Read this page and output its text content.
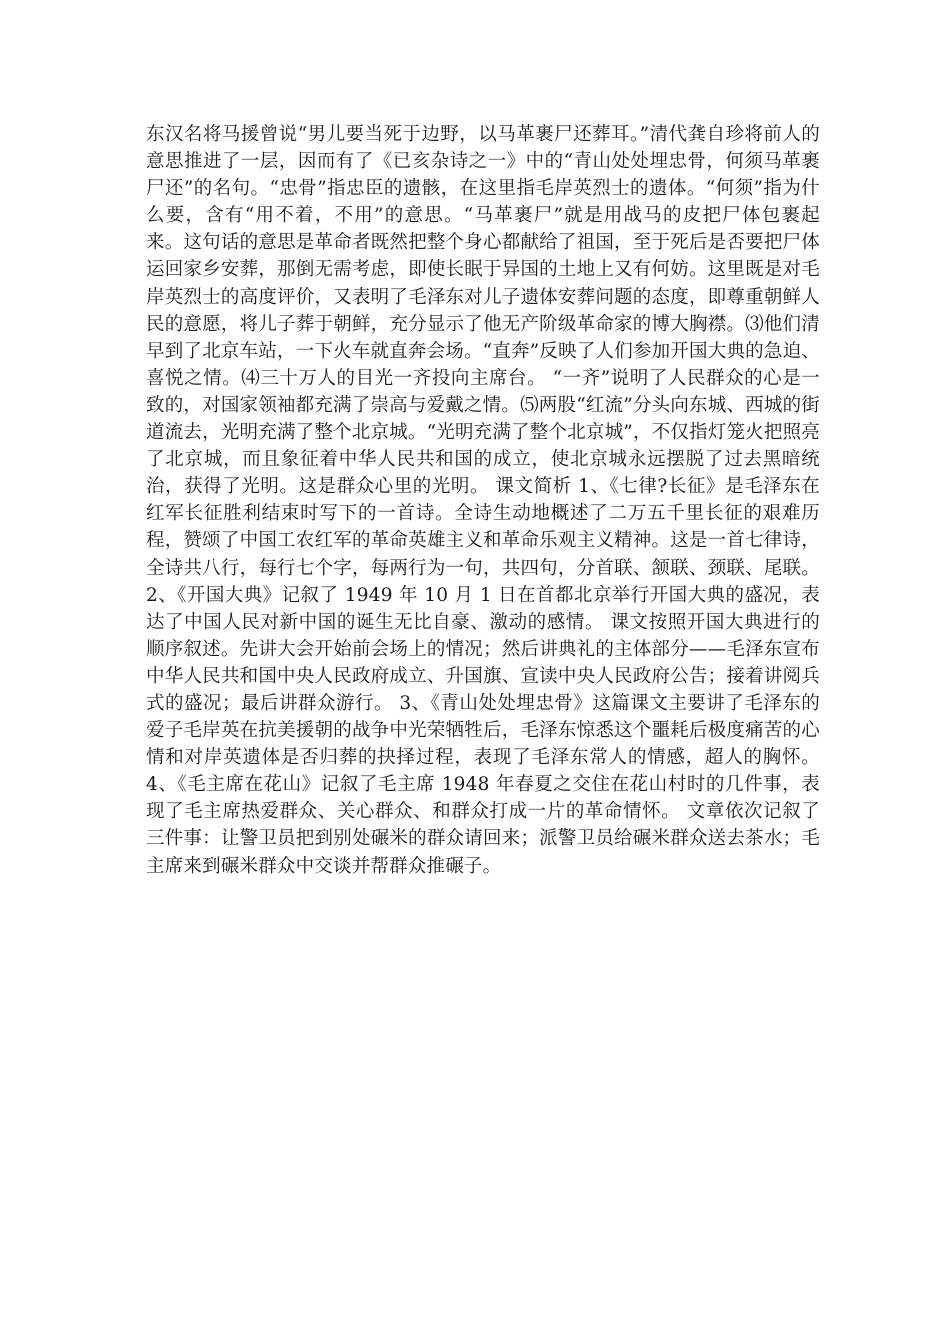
东汉名将马援曾说“男儿要当死于边野，以马革裹尸还葬耳。”清代龚自珍将前人的意思推进了一层，因而有了《已亥杂诗之一》中的“青山处处埋忠骨，何须马革裹尸还”的名句。“忠骨”指忠臣的遗骸，在这里指毛岸英烈士的遗体。“何须”指为什么要，含有“用不着，不用”的意思。“马革裹尸”就是用战马的皮把尸体包裹起来。这句话的意思是革命者既然把整个身心都献给了祖国，至于死后是否要把尸体运回家乡安葬，那倒无需考虑，即使长眠于异国的土地上又有何妨。这里既是对毛岸英烈士的高度评价，又表明了毛泽东对儿子遗体安葬问题的态度，即尊重朝鲜人民的意愿，将儿子葬于朝鲜，充分显示了他无产阶级革命家的博大胸襟。⑶他们清早到了北京车站，一下火车就直奔会场。“直奔”反映了人们参加开国大典的急迫、喜悦之情。⑷三十万人的目光一齐投向主席台。 “一齐”说明了人民群众的心是一致的，对国家领袖都充满了崇高与爱戴之情。⑸两股“红流”分头向东城、西城的街道流去，光明充满了整个北京城。“光明充满了整个北京城”，不仅指灯笼火把照亮了北京城，而且象征着中华人民共和国的成立，使北京城永远摆脱了过去黑暗统治，获得了光明。这是群众心里的光明。 课文简析 1、《七律?长征》是毛泽东在红军长征胜利结束时写下的一首诗。全诗生动地概述了二万五千里长征的艰难历程，赞颂了中国工农红军的革命英雄主义和革命乐观主义精神。这是一首七律诗，全诗共八行，每行七个字，每两行为一句，共四句，分首联、颔联、颈联、尾联。 2、《开国大典》记叙了 1949 年 10 月 1 日在首都北京举行开国大典的盛况，表达了中国人民对新中国的诞生无比自豪、激动的感情。 课文按照开国大典进行的顺序叙述。先讲大会开始前会场上的情况；然后讲典礼的主体部分——毛泽东宣布中华人民共和国中央人民政府成立、升国旗、宣读中央人民政府公告；接着讲阅兵式的盛况；最后讲群众游行。 3、《青山处处埋忠骨》这篇课文主要讲了毛泽东的爱子毛岸英在抗美援朝的战争中光荣牺牲后，毛泽东惊悉这个噩耗后极度痛苦的心情和对岸英遗体是否归葬的抉择过程，表现了毛泽东常人的情感，超人的胸怀。 4、《毛主席在花山》记叙了毛主席 1948 年春夏之交住在花山村时的几件事，表现了毛主席热爱群众、关心群众、和群众打成一片的革命情怀。 文章依次记叙了三件事：让警卫员把到别处碾米的群众请回来；派警卫员给碾米群众送去茶水；毛主席来到碾米群众中交谈并帮群众推碾子。
